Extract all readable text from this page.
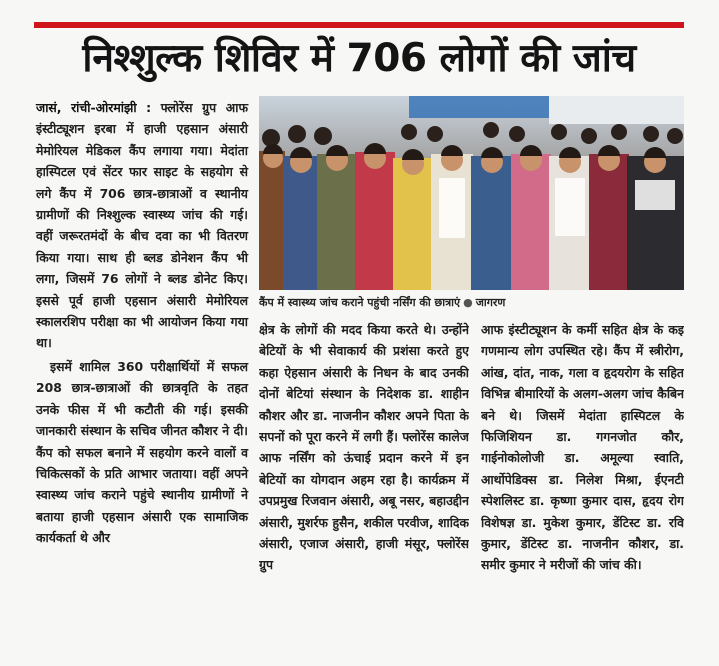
निश्शुल्क शिविर में 706 लोगों की जांच

जासं, रांची-ओरमांझी : फ्लोरेंस ग्रुप आफ इंस्टीट्यूशन इरबा में हाजी एहसान अंसारी मेमोरियल मेडिकल कैंप लगाया गया। मेदांता हास्पिटल एवं सेंटर फार साइट के सहयोग से लगे कैंप में 706 छात्र-छात्राओं व स्थानीय ग्रामीणों की निश्शुल्क स्वास्थ्य जांच की गई। वहीं जरूरतमंदों के बीच दवा का भी वितरण किया गया। साथ ही ब्लड डोनेशन कैंप भी लगा, जिसमें 76 लोगों ने ब्लड डोनेट किए। इससे पूर्व हाजी एहसान अंसारी मेमोरियल स्कालरशिप परीक्षा का भी आयोजन किया गया था।

इसमें शामिल 360 परीक्षार्थियों में सफल 208 छात्र-छात्राओं की छात्रवृति के तहत उनके फीस में भी कटौती की गई। इसकी जानकारी संस्थान के सचिव जीनत कौशर ने दी। कैंप को सफल बनाने में सहयोग करने वालों व चिकित्सकों के प्रति आभार जताया। वहीं अपने स्वास्थ्य जांच कराने पहुंचे स्थानीय ग्रामीणों ने बताया हाजी एहसान अंसारी एक सामाजिक कार्यकर्ता थे और

कैंप में स्वास्थ्य जांच कराने पहुंची नर्सिंग की छात्राएं ● जागरण

क्षेत्र के लोगों की मदद किया करते थे। उन्होंने बेटियों के भी सेवाकार्य की प्रशंसा करते हुए कहा ऐहसान अंसारी के निधन के बाद उनकी दोनों बेटियां संस्थान के निदेशक डा. शाहीन कौशर और डा. नाजनीन कौशर अपने पिता के सपनों को पूरा करने में लगी हैं। फ्लोरेंस कालेज आफ नर्सिंग को ऊंचाई प्रदान करने में इन बेटियों का योगदान अहम रहा है। कार्यक्रम में उपप्रमुख रिजवान अंसारी, अबू नसर, बहाउद्दीन अंसारी, मुशर्रफ हुसैन, शकील परवीज, शादिक अंसारी, एजाज अंसारी, हाजी मंसूर, फ्लोरेंस ग्रुप

आफ इंस्टीट्यूशन के कर्मी सहित क्षेत्र के कइ गणमान्य लोग उपस्थित रहे। कैंप में स्त्रीरोग, आंख, दांत, नाक, गला व हृदयरोग के सहित विभिन्न बीमारियों के अलग-अलग जांच कैबिन बने थे। जिसमें मेदांता हास्पिटल के फिजिशियन डा. गगनजोत कौर, गाईनोकोलोजी डा. अमूल्या स्वाति, आर्थोपेडिक्स डा. निलेश मिश्रा, ईएनटी स्पेशलिस्ट डा. कृष्णा कुमार दास, हृदय रोग विशेषज्ञ डा. मुकेश कुमार, डेंटिस्ट डा. रवि कुमार, डेंटिस्ट डा. नाजनीन कौशर, डा. समीर कुमार ने मरीजों की जांच की।
